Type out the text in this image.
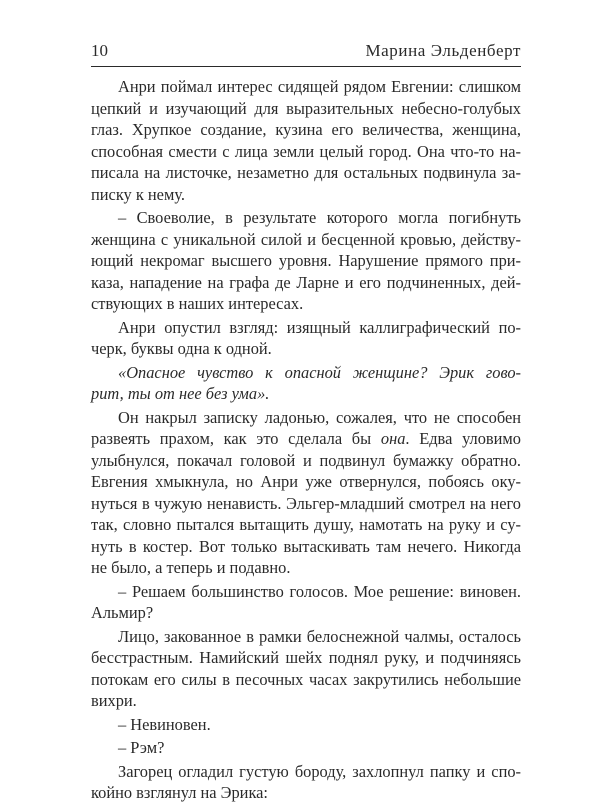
10	Марина Эльденберт
Анри поймал интерес сидящей рядом Евгении: слишком
цепкий и изучающий для выразительных небесно-голубых
глаз. Хрупкое создание, кузина его величества, женщина,
способная смести с лица земли целый город. Она что-то на-
писала на листочке, незаметно для остальных подвинула за-
писку к нему.
– Своеволие, в результате которого могла погибнуть
женщина с уникальной силой и бесценной кровью, действу-
ющий некромаг высшего уровня. Нарушение прямого при-
каза, нападение на графа де Ларне и его подчиненных, дей-
ствующих в наших интересах.
Анри опустил взгляд: изящный каллиграфический по-
черк, буквы одна к одной.
«Опасное чувство к опасной женщине? Эрик гово-
рит, ты от нее без ума».
Он накрыл записку ладонью, сожалея, что не способен
развеять прахом, как это сделала бы она. Едва уловимо
улыбнулся, покачал головой и подвинул бумажку обратно.
Евгения хмыкнула, но Анри уже отвернулся, побоясь оку-
нуться в чужую ненависть. Эльгер-младший смотрел на него
так, словно пытался вытащить душу, намотать на руку и су-
нуть в костер. Вот только вытаскивать там нечего. Никогда
не было, а теперь и подавно.
– Решаем большинство голосов. Мое решение: виновен.
Альмир?
Лицо, закованное в рамки белоснежной чалмы, осталось
бесстрастным. Намийский шейх поднял руку, и подчиняясь
потокам его силы в песочных часах закрутились небольшие
вихри.
– Невиновен.
– Рэм?
Загорец огладил густую бороду, захлопнул папку и спо-
койно взглянул на Эрика:
